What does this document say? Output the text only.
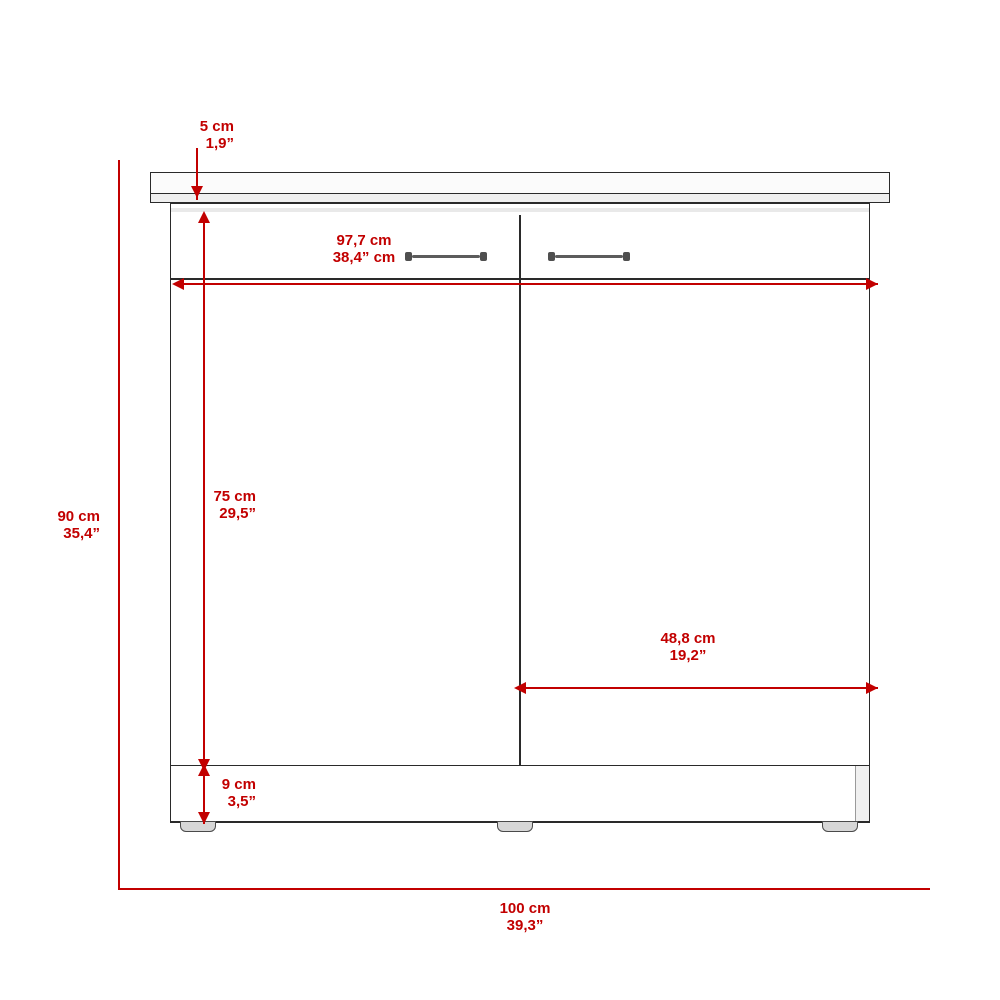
90 cm
35,4”
100 cm
39,3”
5 cm
1,9”
75 cm
29,5”
9 cm
3,5”
97,7 cm
38,4” cm
48,8 cm
19,2”
